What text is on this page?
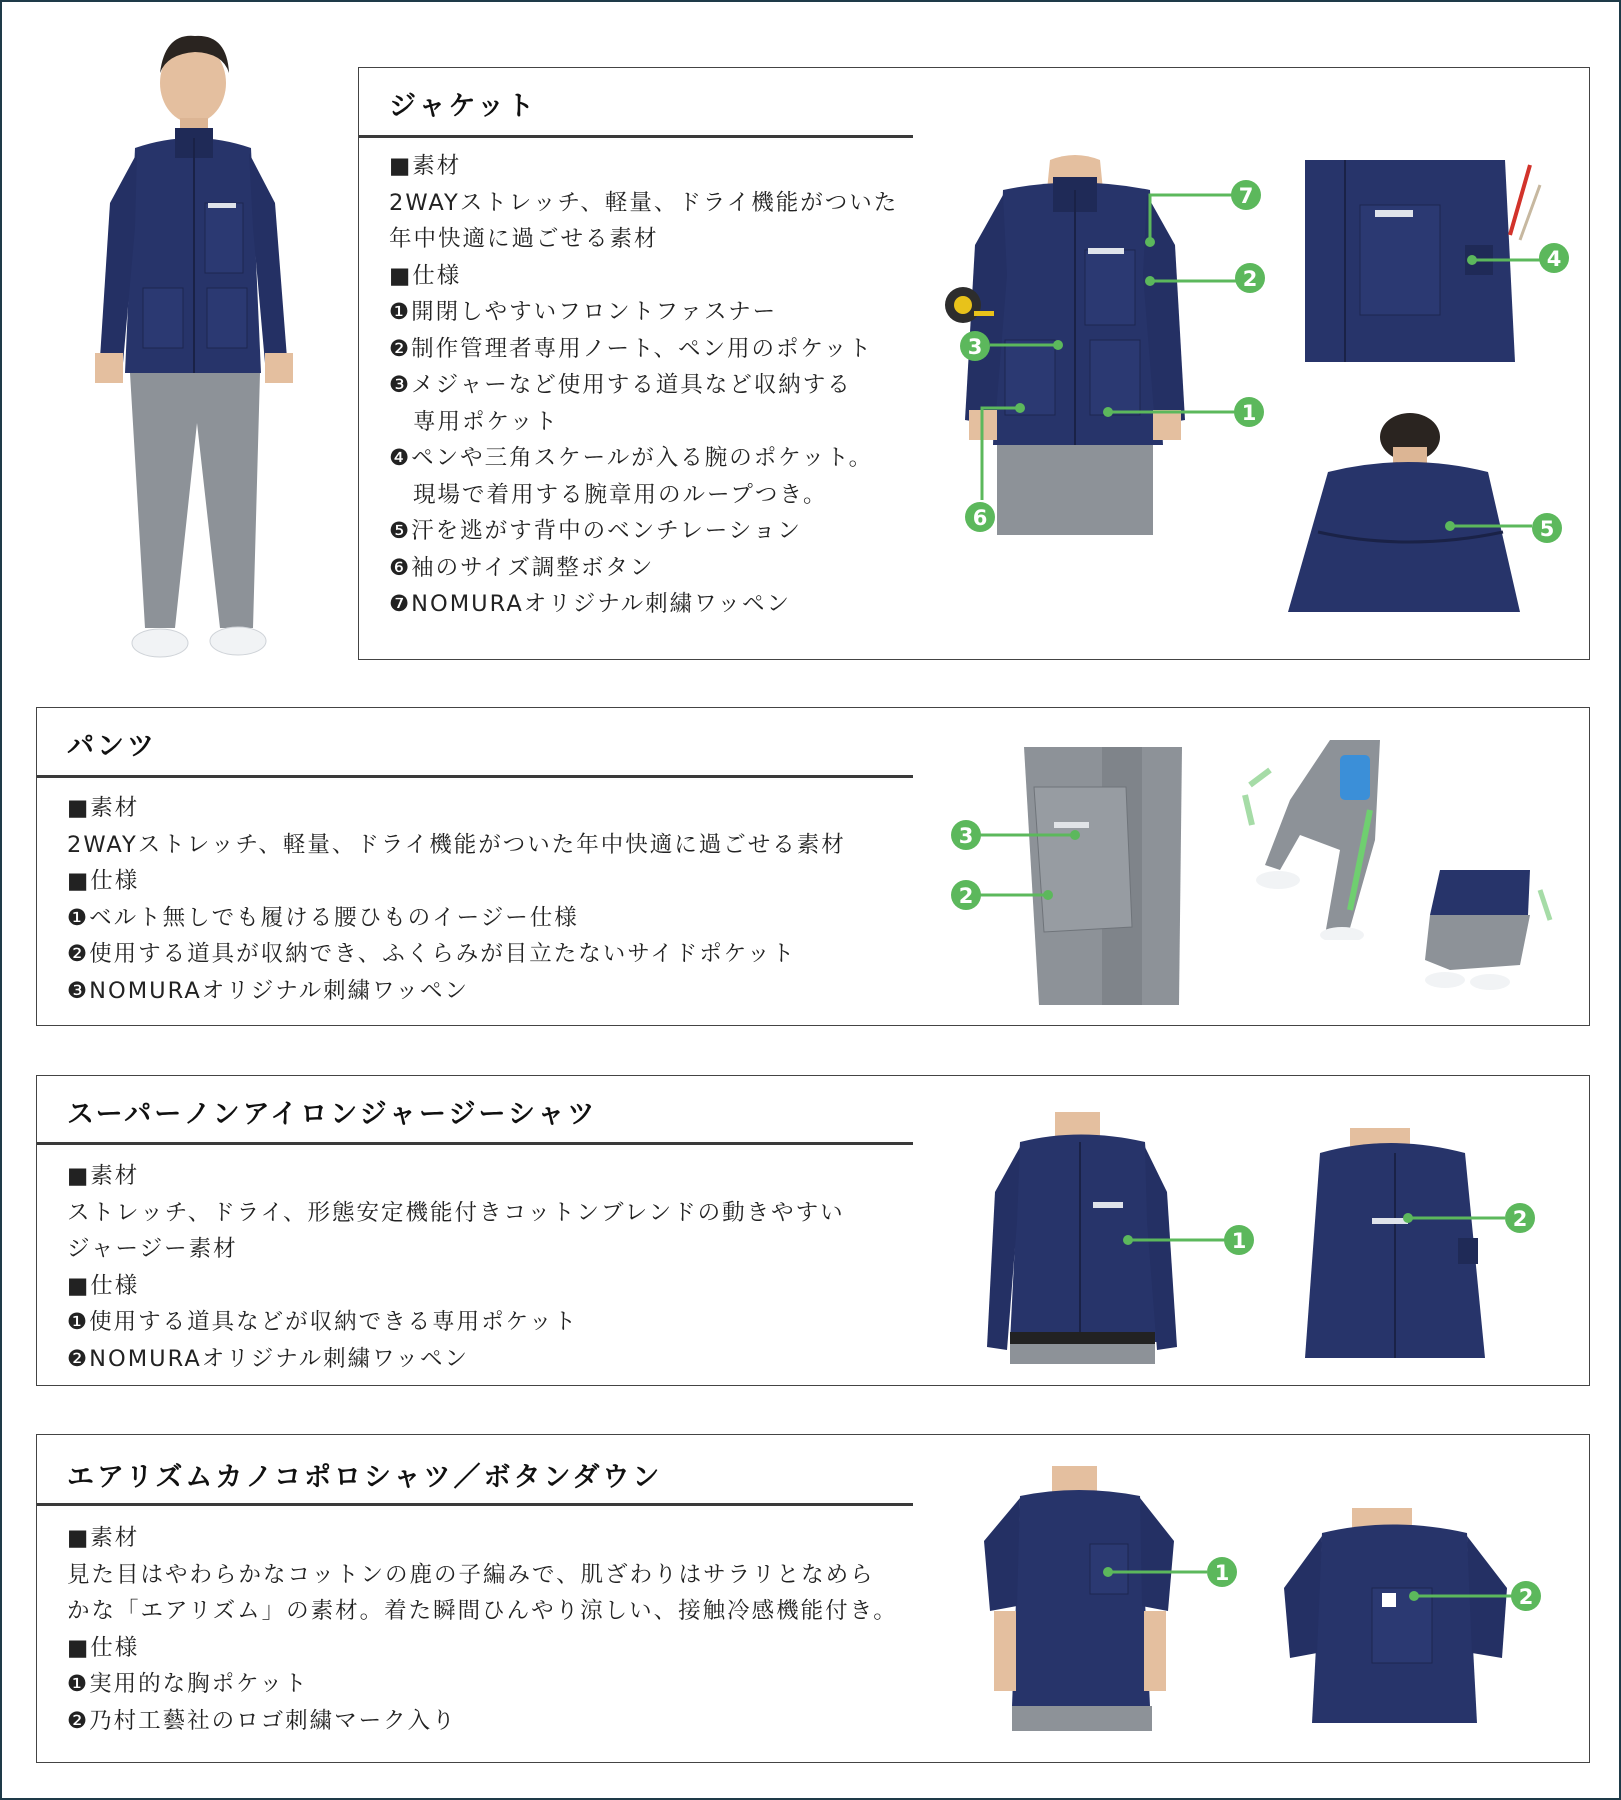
ジャケット
■素材
2WAYストレッチ、軽量、ドライ機能がついた
年中快適に過ごせる素材
■仕様
❶開閉しやすいフロントファスナー
❷制作管理者専用ノート、ペン用のポケット
❸メジャーなど使用する道具など収納する
専用ポケット
❹ペンや三角スケールが入る腕のポケット。
現場で着用する腕章用のループつき。
❺汗を逃がす背中のベンチレーション
❻袖のサイズ調整ボタン
❼NOMURAオリジナル刺繍ワッペン
7
2
3
1
6
4
5
パンツ
■素材
2WAYストレッチ、軽量、ドライ機能がついた年中快適に過ごせる素材
■仕様
❶ベルト無しでも履ける腰ひものイージー仕様
❷使用する道具が収納でき、ふくらみが目立たないサイドポケット
❸NOMURAオリジナル刺繍ワッペン
3
2
スーパーノンアイロンジャージーシャツ
■素材
ストレッチ、ドライ、形態安定機能付きコットンブレンドの動きやすい
ジャージー素材
■仕様
❶使用する道具などが収納できる専用ポケット
❷NOMURAオリジナル刺繍ワッペン
1
2
エアリズムカノコポロシャツ／ボタンダウン
■素材
見た目はやわらかなコットンの鹿の子編みで、肌ざわりはサラリとなめら
かな「エアリズム」の素材。着た瞬間ひんやり涼しい、接触冷感機能付き。
■仕様
❶実用的な胸ポケット
❷乃村工藝社のロゴ刺繍マーク入り
1
2
